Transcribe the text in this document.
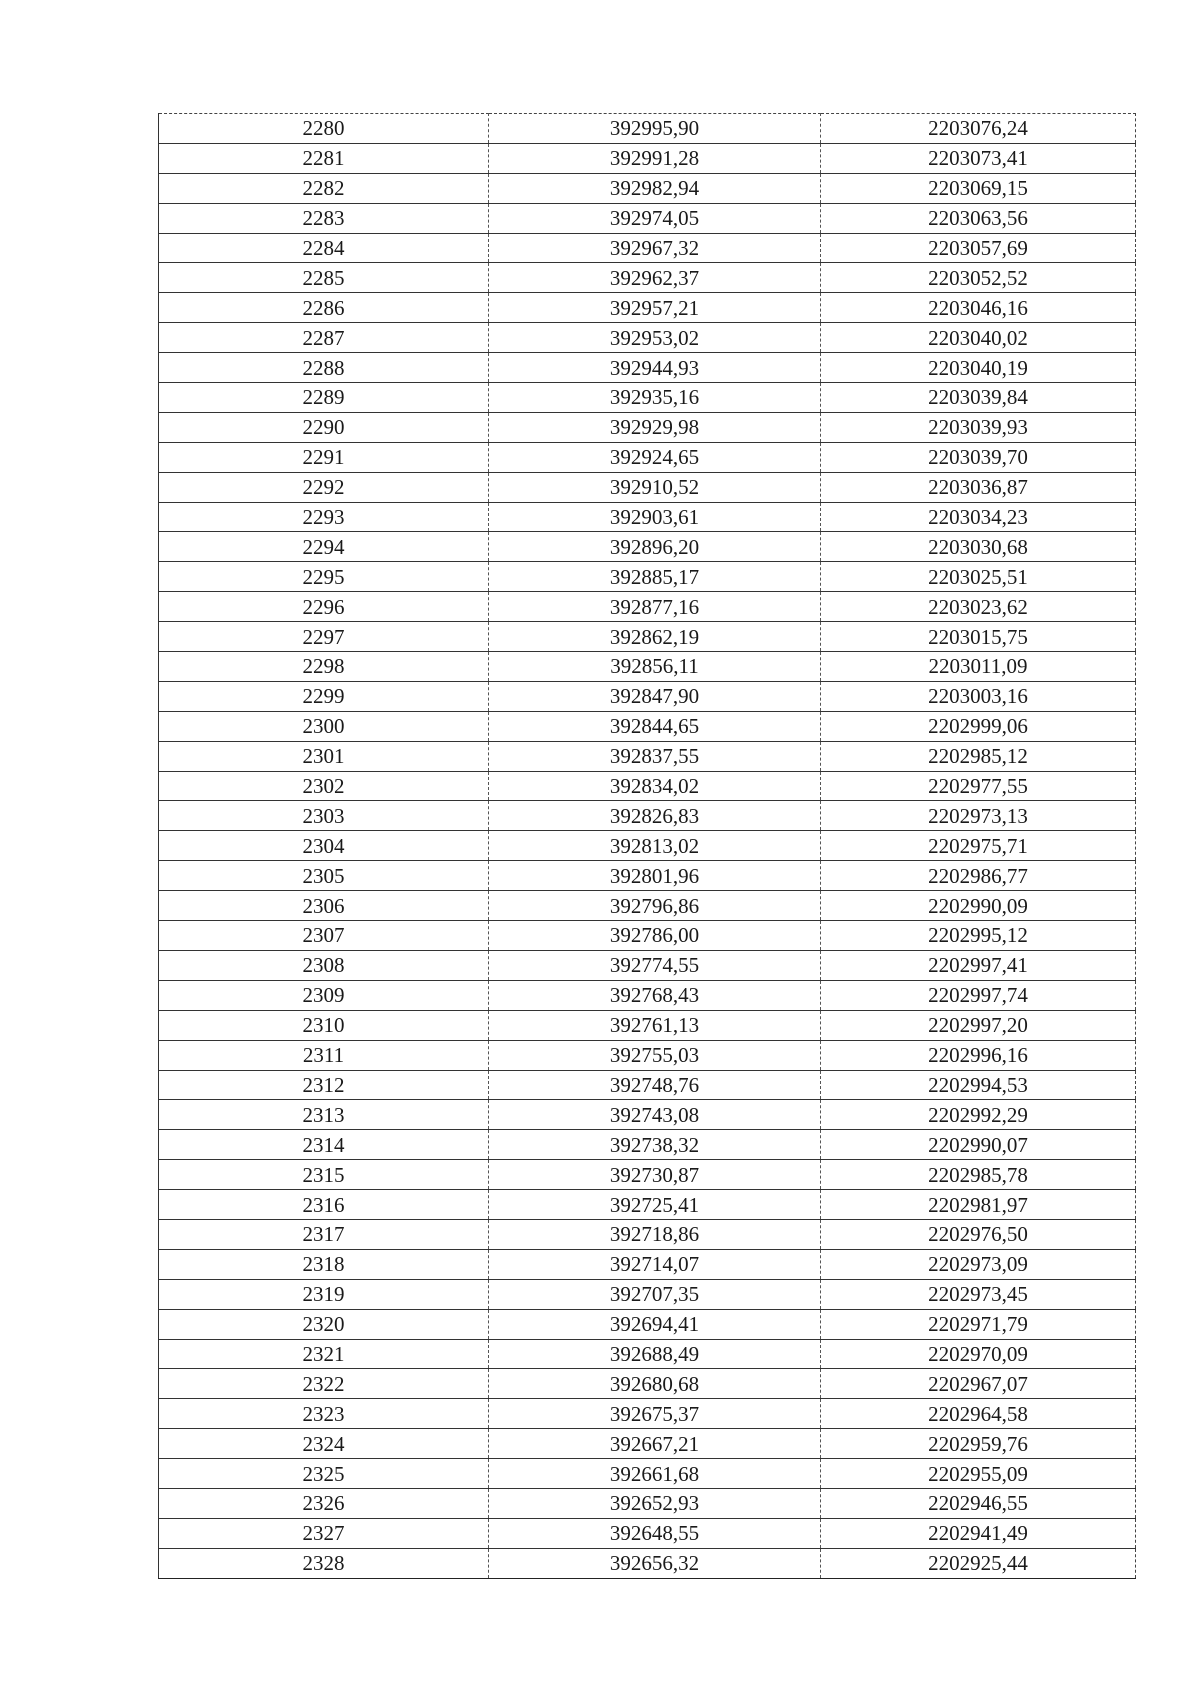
2280	392995,90	2203076,24
2281	392991,28	2203073,41
2282	392982,94	2203069,15
2283	392974,05	2203063,56
2284	392967,32	2203057,69
2285	392962,37	2203052,52
2286	392957,21	2203046,16
2287	392953,02	2203040,02
2288	392944,93	2203040,19
2289	392935,16	2203039,84
2290	392929,98	2203039,93
2291	392924,65	2203039,70
2292	392910,52	2203036,87
2293	392903,61	2203034,23
2294	392896,20	2203030,68
2295	392885,17	2203025,51
2296	392877,16	2203023,62
2297	392862,19	2203015,75
2298	392856,11	2203011,09
2299	392847,90	2203003,16
2300	392844,65	2202999,06
2301	392837,55	2202985,12
2302	392834,02	2202977,55
2303	392826,83	2202973,13
2304	392813,02	2202975,71
2305	392801,96	2202986,77
2306	392796,86	2202990,09
2307	392786,00	2202995,12
2308	392774,55	2202997,41
2309	392768,43	2202997,74
2310	392761,13	2202997,20
2311	392755,03	2202996,16
2312	392748,76	2202994,53
2313	392743,08	2202992,29
2314	392738,32	2202990,07
2315	392730,87	2202985,78
2316	392725,41	2202981,97
2317	392718,86	2202976,50
2318	392714,07	2202973,09
2319	392707,35	2202973,45
2320	392694,41	2202971,79
2321	392688,49	2202970,09
2322	392680,68	2202967,07
2323	392675,37	2202964,58
2324	392667,21	2202959,76
2325	392661,68	2202955,09
2326	392652,93	2202946,55
2327	392648,55	2202941,49
2328	392656,32	2202925,44
